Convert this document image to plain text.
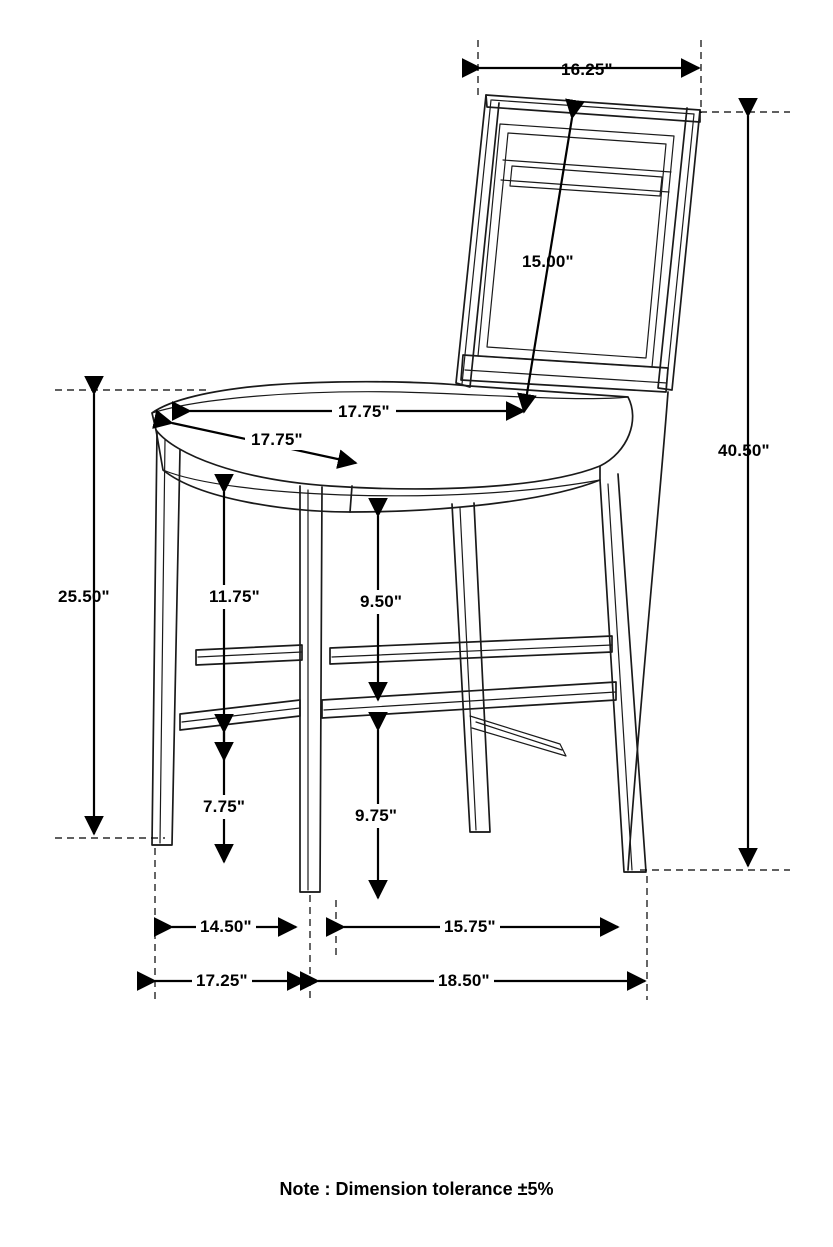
16.25"
15.00"
17.75"
17.75"
40.50"
25.50"	11.75"	9.50"
7.75"	9.75"
14.50"	15.75"
17.25"	18.50"
Note : Dimension tolerance ±5%
